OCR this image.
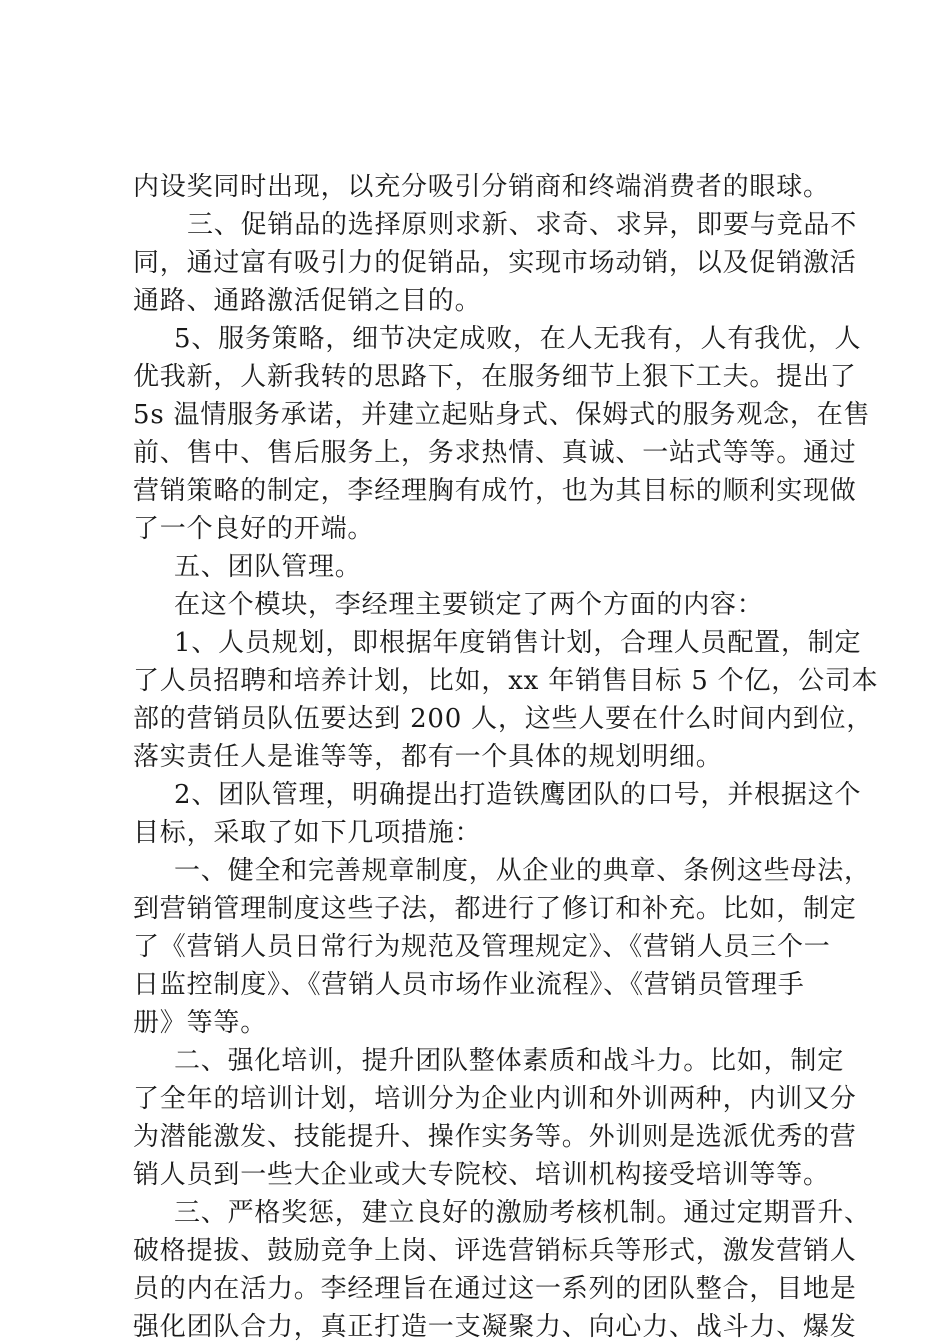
内设奖同时出现，以充分吸引分销商和终端消费者的眼球。
三、促销品的选择原则求新、求奇、求异，即要与竞品不
同，通过富有吸引力的促销品，实现市场动销，以及促销激活
通路、通路激活促销之目的。
5、服务策略，细节决定成败，在人无我有，人有我优，人
优我新，人新我转的思路下，在服务细节上狠下工夫。提出了
5s 温情服务承诺，并建立起贴身式、保姆式的服务观念，在售
前、售中、售后服务上，务求热情、真诚、一站式等等。通过
营销策略的制定，李经理胸有成竹，也为其目标的顺利实现做
了一个良好的开端。
五、团队管理。
在这个模块，李经理主要锁定了两个方面的内容：
1、人员规划，即根据年度销售计划，合理人员配置，制定
了人员招聘和培养计划，比如，xx 年销售目标 5 个亿，公司本
部的营销员队伍要达到 200 人，这些人要在什么时间内到位，
落实责任人是谁等等，都有一个具体的规划明细。
2、团队管理，明确提出打造铁鹰团队的口号，并根据这个
目标，采取了如下几项措施：
一、健全和完善规章制度，从企业的典章、条例这些母法，
到营销管理制度这些子法，都进行了修订和补充。比如，制定
了《营销人员日常行为规范及管理规定》、《营销人员三个一
日监控制度》、《营销人员市场作业流程》、《营销员管理手
册》等等。
二、强化培训，提升团队整体素质和战斗力。比如，制定
了全年的培训计划，培训分为企业内训和外训两种，内训又分
为潜能激发、技能提升、操作实务等。外训则是选派优秀的营
销人员到一些大企业或大专院校、培训机构接受培训等等。
三、严格奖惩，建立良好的激励考核机制。通过定期晋升、
破格提拔、鼓励竞争上岗、评选营销标兵等形式，激发营销人
员的内在活力。李经理旨在通过这一系列的团队整合，目地是
强化团队合力，真正打造一支凝聚力、向心力、战斗力、爆发
